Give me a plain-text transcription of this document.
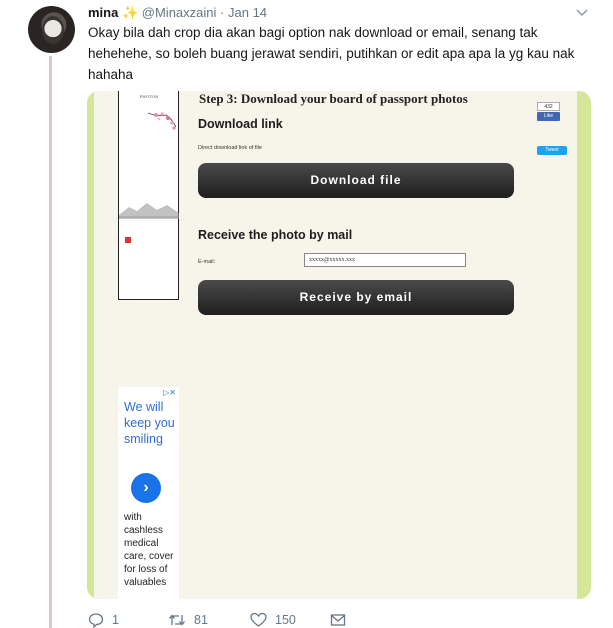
mina ✨ @Minaxzaini · Jan 14
Okay bila dah crop dia akan bagi option nak download or email, senang tak hehehehe, so boleh buang jerawat sendiri, putihkan or edit apa apa la yg kau nak hahaha
PHOTON
▷✕
We will keep you smiling
›
with cashless medical care, cover for loss of valuables
Step 3: Download your board of passport photos
432
Like
Tweet
Download link
Direct download link of file
Download file
Receive the photo by mail
E-mail:	xxxxx@xxxxx.xxx
Receive by email
1	81	150
